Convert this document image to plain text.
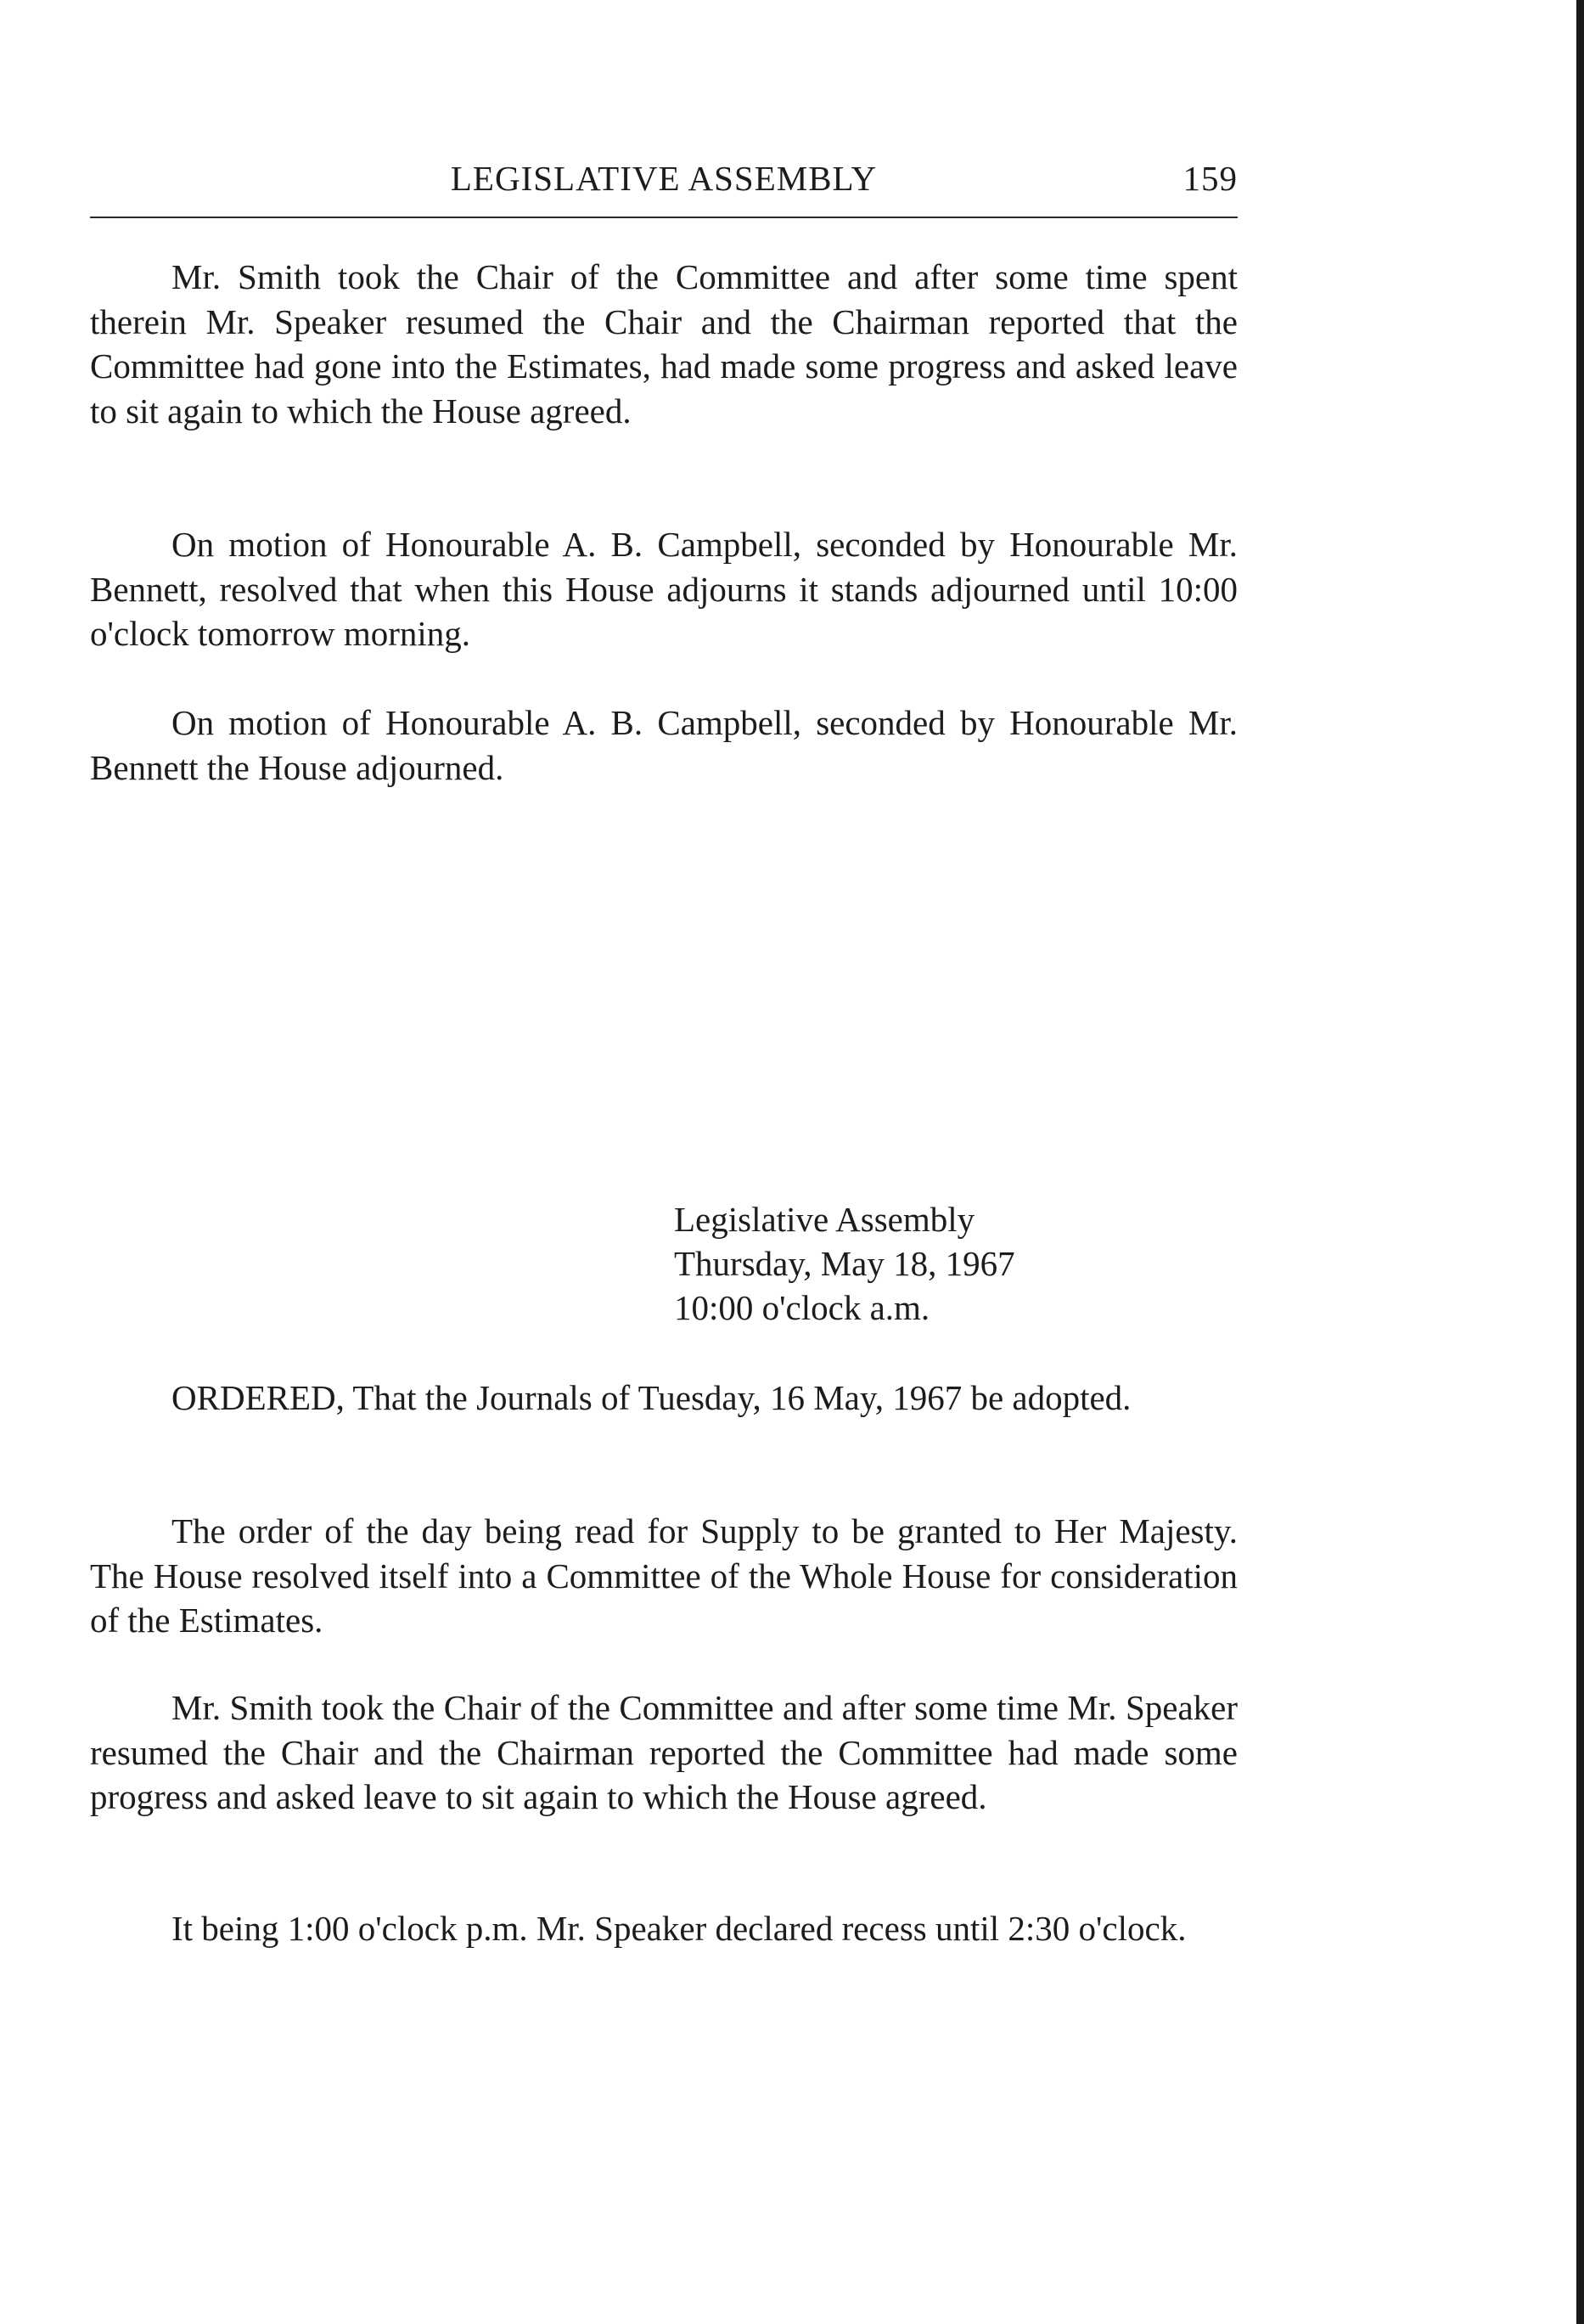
LEGISLATIVE ASSEMBLY	159

Mr. Smith took the Chair of the Committee and after some time spent therein Mr. Speaker resumed the Chair and the Chairman reported that the Committee had gone into the Estimates, had made some progress and asked leave to sit again to which the House agreed.

On motion of Honourable A. B. Campbell, seconded by Honourable Mr. Bennett, resolved that when this House adjourns it stands adjourned until 10:00 o'clock tomorrow morning.

On motion of Honourable A. B. Campbell, seconded by Honourable Mr. Bennett the House adjourned.

Legislative Assembly
Thursday, May 18, 1967
10:00 o'clock a.m.

ORDERED, That the Journals of Tuesday, 16 May, 1967 be adopted.

The order of the day being read for Supply to be granted to Her Majesty. The House resolved itself into a Committee of the Whole House for consideration of the Estimates.

Mr. Smith took the Chair of the Committee and after some time Mr. Speaker resumed the Chair and the Chairman reported the Committee had made some progress and asked leave to sit again to which the House agreed.

It being 1:00 o'clock p.m. Mr. Speaker declared recess until 2:30 o'clock.
